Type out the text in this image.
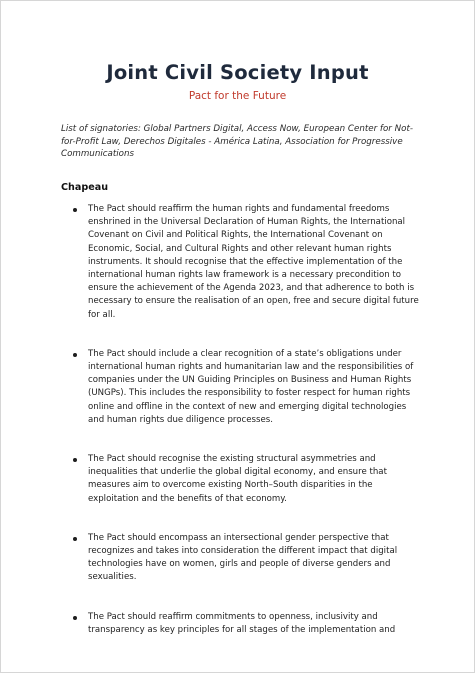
Joint Civil Society Input
Pact for the Future
List of signatories: Global Partners Digital, Access Now, European Center for Not-for-Profit Law, Derechos Digitales - América Latina, Association for Progressive Communications
Chapeau
The Pact should reaffirm the human rights and fundamental freedoms enshrined in the Universal Declaration of Human Rights, the International Covenant on Civil and Political Rights, the International Covenant on Economic, Social, and Cultural Rights and other relevant human rights instruments. It should recognise that the effective implementation of the international human rights law framework is a necessary precondition to ensure the achievement of the Agenda 2023, and that adherence to both is necessary to ensure the realisation of an open, free and secure digital future for all.
The Pact should include a clear recognition of a state’s obligations under international human rights and humanitarian law and the responsibilities of companies under the UN Guiding Principles on Business and Human Rights (UNGPs). This includes the responsibility to foster respect for human rights online and offline in the context of new and emerging digital technologies and human rights due diligence processes.
The Pact should recognise the existing structural asymmetries and inequalities that underlie the global digital economy, and ensure that measures aim to overcome existing North–South disparities in the exploitation and the benefits of that economy.
The Pact should encompass an intersectional gender perspective that recognizes and takes into consideration the different impact that digital technologies have on women, girls and people of diverse genders and sexualities.
The Pact should reaffirm commitments to openness, inclusivity and transparency as key principles for all stages of the implementation and
